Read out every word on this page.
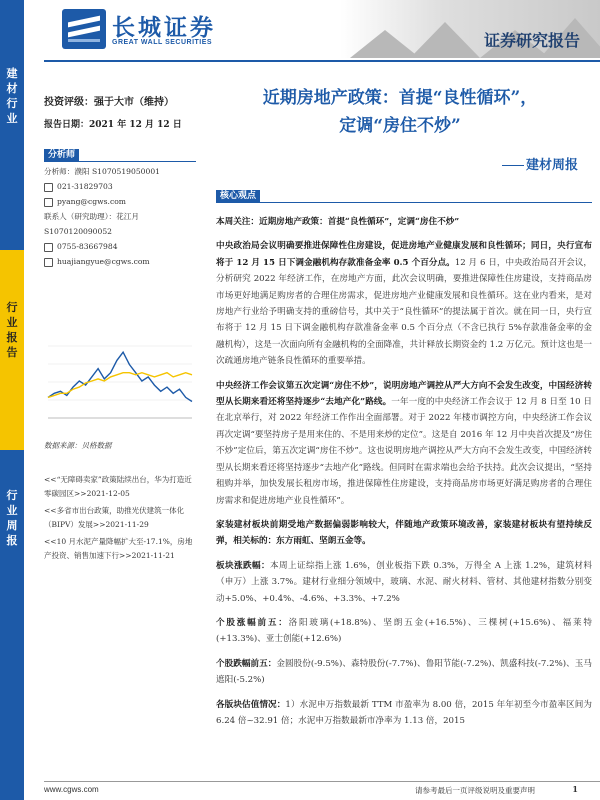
长城证券
GREAT WALL SECURITIES	证券研究报告
建
材
行
业
行
业
报
告
行
业
周
报
投资评级：强于大市（维持）
报告日期：2021 年 12 月 12 日
近期房地产政策：首提“良性循环”，
定调“房住不炒”
建材周报
分析师
分析师：濮阳 S1070519050001
021-31829703
pyang@cgws.com
联系人（研究助理）：花江月
S1070120090052
0755-83667984
huajiangyue@cgws.com
数据来源：贝格数据
<<“无障碍卖家”政策陆续出台，华为打造近零碳园区>>2021-12-05
<<多省市出台政策，助推光伏建筑一体化（BIPV）发展>>2021-11-29
<<10 月水泥产量降幅扩大至-17.1%，房地产投资、销售加速下行>>2021-11-21
核心观点

本周关注：近期房地产政策：首提“良性循环”，定调“房住不炒”

中央政治局会议明确要推进保障性住房建设，促进房地产业健康发展和良性循环；同日，央行宣布将于 12 月 15 日下调金融机构存款准备金率 0.5 个百分点。12 月 6 日，中央政治局召开会议，分析研究 2022 年经济工作，在房地产方面，此次会议明确，要推进保障性住房建设，支持商品房市场更好地满足购房者的合理住房需求，促进房地产业健康发展和良性循环。这在业内看来，是对房地产行业给予明确支持的重磅信号，其中关于“良性循环”的提法属于首次。就在同一日，央行宣布将于 12 月 15 日下调金融机构存款准备金率 0.5 个百分点（不含已执行 5%存款准备金率的金融机构），这是一次面向所有金融机构的全面降准，共计释放长期资金约 1.2 万亿元。预计这也是一次疏通房地产链条良性循环的重要举措。

中央经济工作会议第五次定调“房住不炒”，说明房地产调控从严大方向不会发生改变，中国经济转型从长期来看还将坚持逐步“去地产化”路线。一年一度的中央经济工作会议于 12 月 8 日至 10 日在北京举行，对 2022 年经济工作作出全面部署。对于 2022 年楼市调控方向，中央经济工作会议再次定调“要坚持房子是用来住的、不是用来炒的定位”。这是自 2016 年 12 月中央首次提及“房住不炒”定位后，第五次定调“房住不炒”。这也说明房地产调控从严大方向不会发生改变，中国经济转型从长期来看还将坚持逐步“去地产化”路线。但同时在需求端也会给予扶持。此次会议提出，“坚持租购并举，加快发展长租房市场，推进保障性住房建设，支持商品房市场更好满足购房者的合理住房需求和促进房地产业良性循环”。

家装建材板块前期受地产数据偏弱影响较大，伴随地产政策环境改善，家装建材板块有望持续反弹，相关标的：东方雨虹、坚朗五金等。

板块涨跌幅：本周上证综指上涨 1.6%，创业板指下跌 0.3%，万得全 A 上涨 1.2%，建筑材料（申万）上涨 3.7%。建材行业细分领域中，玻璃、水泥、耐火材料、管材、其他建材指数分别变动+5.0%、+0.4%、-4.6%、+3.3%、+7.2%

个股涨幅前五：洛阳玻璃(+18.8%)、坚朗五金(+16.5%)、三棵树(+15.6%)、福莱特(+13.3%)、亚士创能(+12.6%)

个股跌幅前五：金圆股份(-9.5%)、森特股份(-7.7%)、鲁阳节能(-7.2%)、凯盛科技(-7.2%)、玉马遮阳(-5.2%)

各版块估值情况：1）水泥申万指数最新 TTM 市盈率为 8.00 倍，2015 年年初至今市盈率区间为 6.24 倍~32.91 倍；水泥申万指数最新市净率为 1.13 倍，2015

www.cgws.com	请参考最后一页评级说明及重要声明	1
